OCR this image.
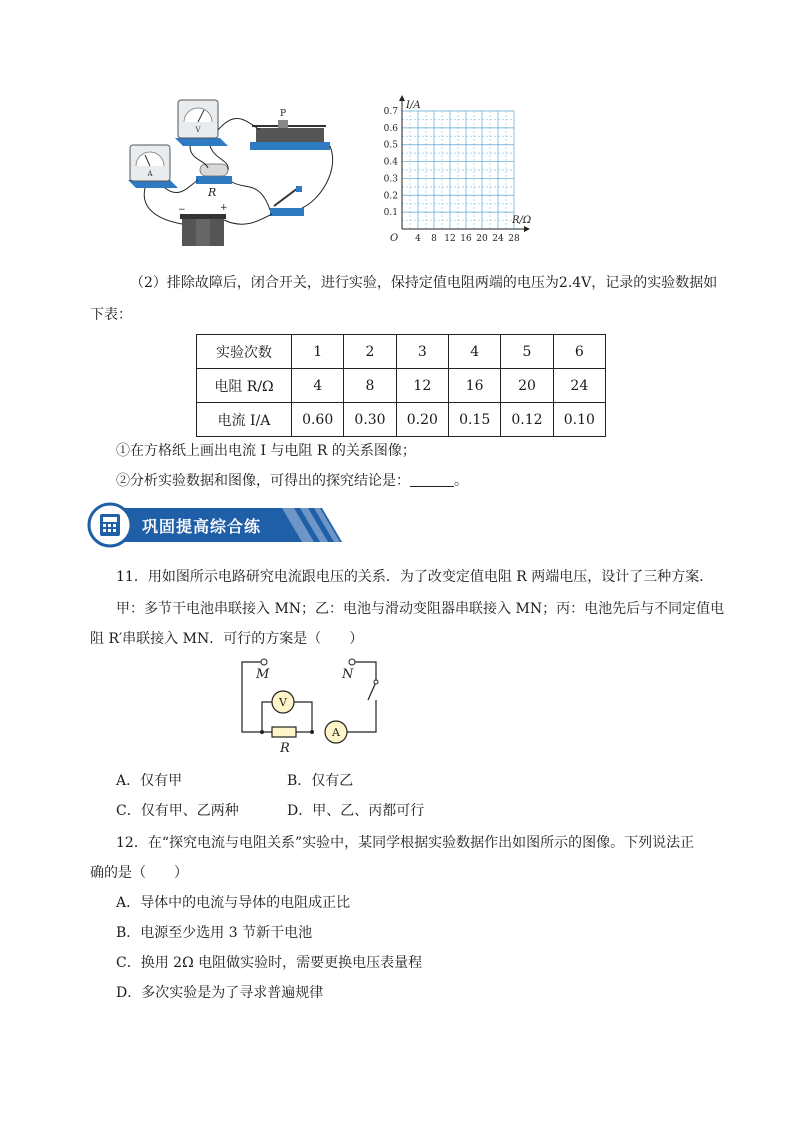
V
A
R
P
−	+
0.7
0.6
0.5
0.4
0.3
0.2
0.1
4 8 12 16 20 24 28
O
I/A
R/Ω
（2）排除故障后，闭合开关，进行实验，保持定值电阻两端的电压为2.4V，记录的实验数据如
下表：
实验次数	1	2	3	4	5	6
电阻 R/Ω	4	8	12	16	20	24
电流 I/A	0.60	0.30	0.20	0.15	0.12	0.10
①在方格纸上画出电流 I 与电阻 R 的关系图像；
②分析实验数据和图像，可得出的探究结论是：	。
巩固提高综合练
11．用如图所示电路研究电流跟电压的关系．为了改变定值电阻 R 两端电压，设计了三种方案．
甲：多节干电池串联接入 MN；乙：电池与滑动变阻器串联接入 MN；丙：电池先后与不同定值电
阻 R′串联接入 MN．可行的方案是（　　）
V
A
M	N
R
A．仅有甲	B．仅有乙
C．仅有甲、乙两种	D．甲、乙、丙都可行
12．在“探究电流与电阻关系”实验中，某同学根据实验数据作出如图所示的图像。下列说法正
确的是（　　）
A．导体中的电流与导体的电阻成正比
B．电源至少选用 3 节新干电池
C．换用 2Ω 电阻做实验时，需要更换电压表量程
D．多次实验是为了寻求普遍规律
